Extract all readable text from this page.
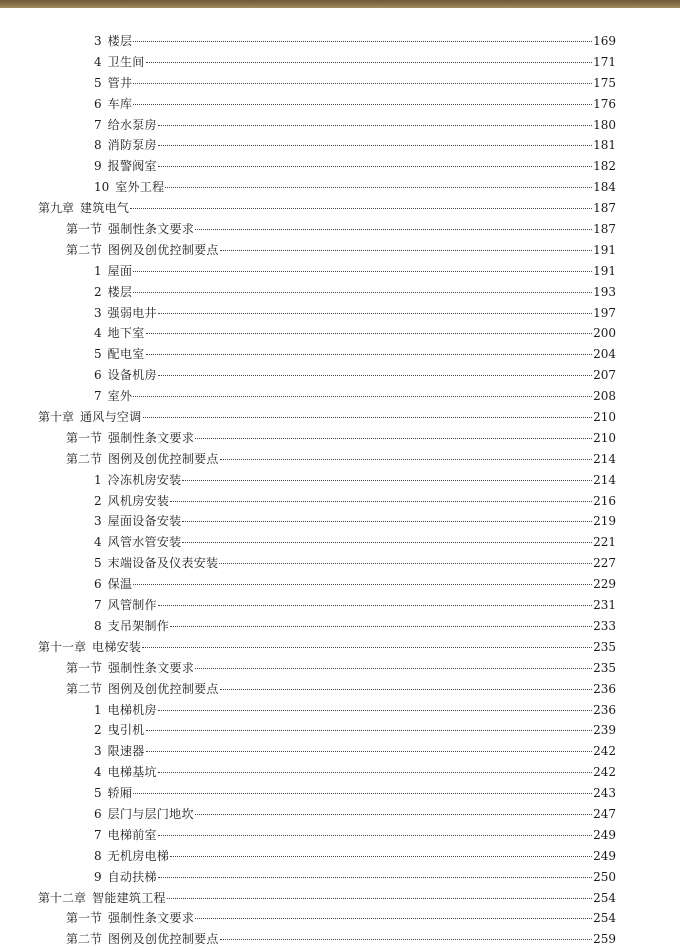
3 楼层	169
4 卫生间	171
5 管井	175
6 车库	176
7 给水泵房	180
8 消防泵房	181
9 报警阀室	182
10 室外工程	184
第九章 建筑电气	187
第一节 强制性条文要求	187
第二节 图例及创优控制要点	191
1 屋面	191
2 楼层	193
3 强弱电井	197
4 地下室	200
5 配电室	204
6 设备机房	207
7 室外	208
第十章 通风与空调	210
第一节 强制性条文要求	210
第二节 图例及创优控制要点	214
1 冷冻机房安装	214
2 风机房安装	216
3 屋面设备安装	219
4 风管水管安装	221
5 末端设备及仪表安装	227
6 保温	229
7 风管制作	231
8 支吊架制作	233
第十一章 电梯安装	235
第一节 强制性条文要求	235
第二节 图例及创优控制要点	236
1 电梯机房	236
2 曳引机	239
3 限速器	242
4 电梯基坑	242
5 轿厢	243
6 层门与层门地坎	247
7 电梯前室	249
8 无机房电梯	249
9 自动扶梯	250
第十二章 智能建筑工程	254
第一节 强制性条文要求	254
第二节 图例及创优控制要点	259
